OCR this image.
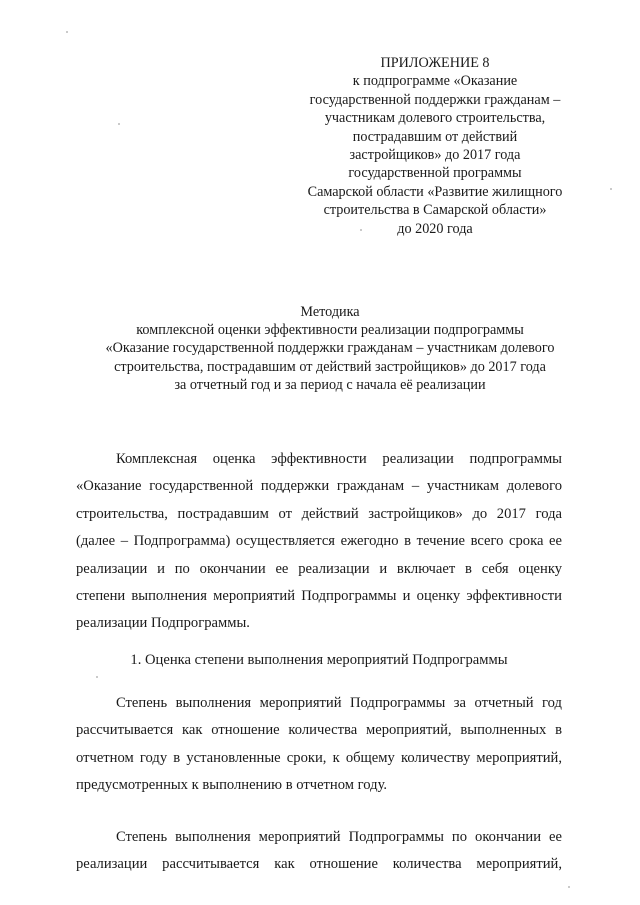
ПРИЛОЖЕНИЕ 8
к подпрограмме «Оказание
государственной поддержки гражданам –
участникам долевого строительства,
пострадавшим от действий
застройщиков» до 2017 года
государственной программы
Самарской области «Развитие жилищного
строительства в Самарской области»
до 2020 года
Методика
комплексной оценки эффективности реализации подпрограммы
«Оказание государственной поддержки гражданам – участникам долевого
строительства, пострадавшим от действий застройщиков» до 2017 года
за отчетный год и за период с начала её реализации
Комплексная оценка эффективности реализации подпрограммы
«Оказание государственной поддержки гражданам – участникам долевого
строительства, пострадавшим от действий застройщиков» до 2017 года
(далее – Подпрограмма) осуществляется ежегодно в течение всего срока ее
реализации и по окончании ее реализации и включает в себя оценку
степени выполнения мероприятий Подпрограммы и оценку эффективности
реализации Подпрограммы.
1. Оценка степени выполнения мероприятий Подпрограммы
Степень выполнения мероприятий Подпрограммы за отчетный год
рассчитывается как отношение количества мероприятий, выполненных в
отчетном году в установленные сроки, к общему количеству мероприятий,
предусмотренных к выполнению в отчетном году.
Степень выполнения мероприятий Подпрограммы по окончании ее
реализации рассчитывается как отношение количества мероприятий,
